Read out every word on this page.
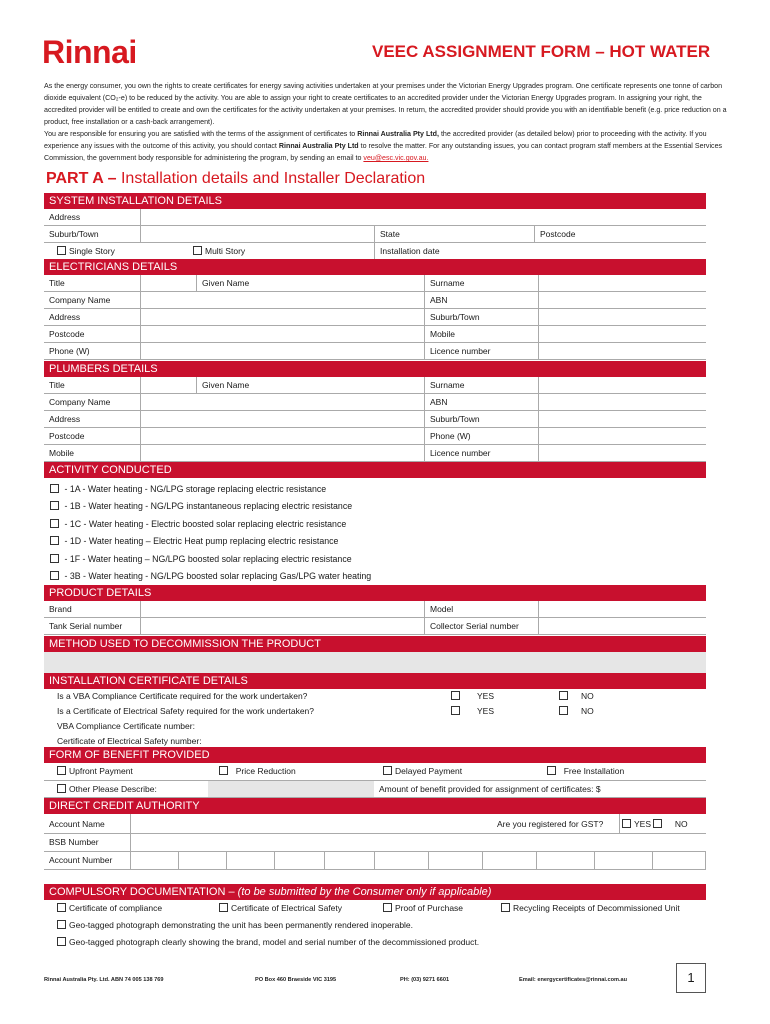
Rinnai	VEEC ASSIGNMENT FORM – HOT WATER
As the energy consumer, you own the rights to create certificates for energy saving activities undertaken at your premises under the Victorian Energy Upgrades program. One certificate represents one tonne of carbon dioxide equivalent (CO₂-e) to be reduced by the activity. You are able to assign your right to create certificates to an accredited provider under the Victorian Energy Upgrades program. In assigning your right, the accredited provider will be entitled to create and own the certificates for the activity undertaken at your premises. In return, the accredited provider should provide you with an identifiable benefit (e.g. price reduction on a product, free installation or a cash-back arrangement).
You are responsible for ensuring you are satisfied with the terms of the assignment of certificates to Rinnai Australia Pty Ltd, the accredited provider (as detailed below) prior to proceeding with the activity. If you experience any issues with the outcome of this activity, you should contact Rinnai Australia Pty Ltd to resolve the matter. For any outstanding issues, you can contact program staff members at the Essential Services Commission, the government body responsible for administering the program, by sending an email to veu@esc.vic.gov.au.
PART A – Installation details and Installer Declaration
SYSTEM INSTALLATION DETAILS
Address
Suburb/Town	State	Postcode
Single Story	Multi Story	Installation date
ELECTRICIANS DETAILS
Title	Given Name	Surname
Company Name	ABN
Address	Suburb/Town
Postcode	Mobile
Phone (W)	Licence number
PLUMBERS DETAILS
Title	Given Name	Surname
Company Name	ABN
Address	Suburb/Town
Postcode	Phone (W)
Mobile	Licence number
ACTIVITY CONDUCTED
- 1A - Water heating - NG/LPG storage replacing electric resistance
- 1B - Water heating - NG/LPG instantaneous replacing electric resistance
- 1C - Water heating - Electric boosted solar replacing electric resistance
- 1D - Water heating – Electric Heat pump replacing electric resistance
- 1F - Water heating – NG/LPG boosted solar replacing electric resistance
- 3B - Water heating - NG/LPG boosted solar replacing Gas/LPG water heating
PRODUCT DETAILS
Brand	Model
Tank Serial number	Collector Serial number
METHOD USED TO DECOMMISSION THE PRODUCT
INSTALLATION CERTIFICATE DETAILS
Is a VBA Compliance Certificate required for the work undertaken?	YES	NO
Is a Certificate of Electrical Safety required for the work undertaken?	YES	NO
VBA Compliance Certificate number:
Certificate of Electrical Safety number:
FORM OF BENEFIT PROVIDED
Upfront Payment	Price Reduction	Delayed Payment	Free Installation
Other Please Describe:	Amount of benefit provided for assignment of certificates: $
DIRECT CREDIT AUTHORITY
Account Name	Are you registered for GST?	YES	NO
BSB Number
Account Number
COMPULSORY DOCUMENTATION – (to be submitted by the Consumer only if applicable)
Certificate of compliance	Certificate of Electrical Safety	Proof of Purchase	Recycling Receipts of Decommissioned Unit
Geo-tagged photograph demonstrating the unit has been permanently rendered inoperable.
Geo-tagged photograph clearly showing the brand, model and serial number of the decommissioned product.
Rinnai Australia Pty. Ltd. ABN 74 005 138 769	PO Box 460 Braeside VIC 3195	PH: (03) 9271 6601	Email: energycertificates@rinnai.com.au	1
